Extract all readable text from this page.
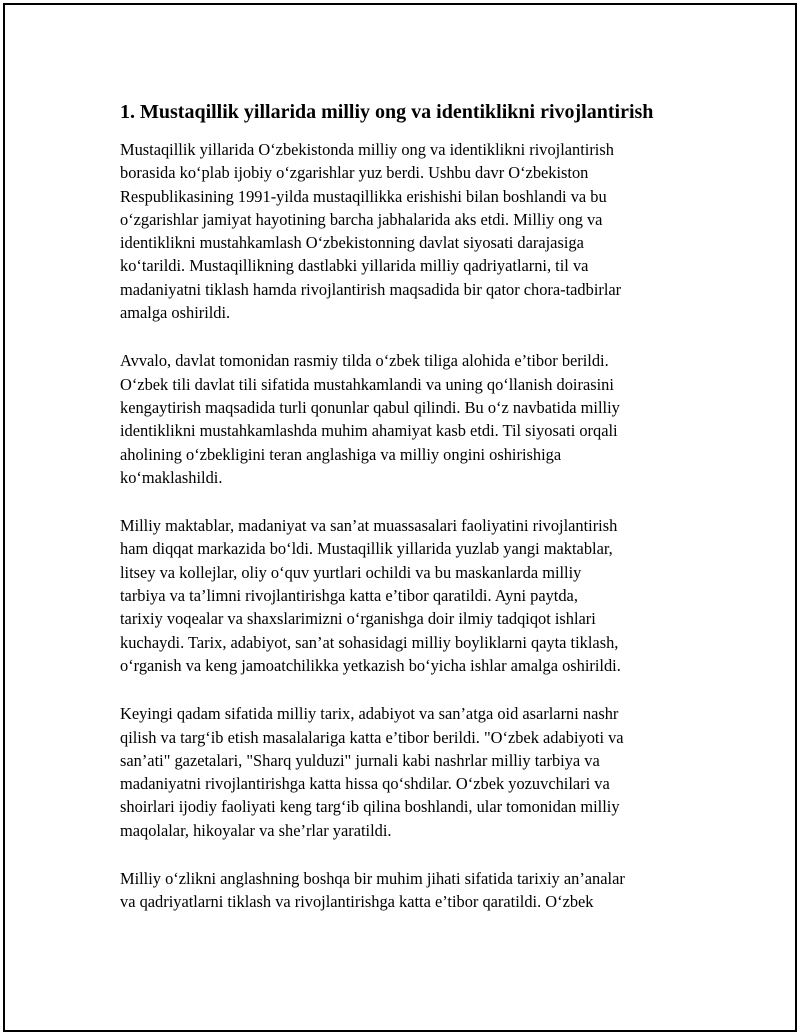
1. Mustaqillik yillarida milliy ong va identiklikni rivojlantirish
Mustaqillik yillarida O‘zbekistonda milliy ong va identiklikni rivojlantirish
borasida ko‘plab ijobiy o‘zgarishlar yuz berdi. Ushbu davr O‘zbekiston
Respublikasining 1991-yilda mustaqillikka erishishi bilan boshlandi va bu
o‘zgarishlar jamiyat hayotining barcha jabhalarida aks etdi. Milliy ong va
identiklikni mustahkamlash O‘zbekistonning davlat siyosati darajasiga
ko‘tarildi. Mustaqillikning dastlabki yillarida milliy qadriyatlarni, til va
madaniyatni tiklash hamda rivojlantirish maqsadida bir qator chora-tadbirlar
amalga oshirildi.
Avvalo, davlat tomonidan rasmiy tilda o‘zbek tiliga alohida e’tibor berildi.
O‘zbek tili davlat tili sifatida mustahkamlandi va uning qo‘llanish doirasini
kengaytirish maqsadida turli qonunlar qabul qilindi. Bu o‘z navbatida milliy
identiklikni mustahkamlashda muhim ahamiyat kasb etdi. Til siyosati orqali
aholining o‘zbekligini teran anglashiga va milliy ongini oshirishiga
ko‘maklashildi.
Milliy maktablar, madaniyat va san’at muassasalari faoliyatini rivojlantirish
ham diqqat markazida bo‘ldi. Mustaqillik yillarida yuzlab yangi maktablar,
litsey va kollejlar, oliy o‘quv yurtlari ochildi va bu maskanlarda milliy
tarbiya va ta’limni rivojlantirishga katta e’tibor qaratildi. Ayni paytda,
tarixiy voqealar va shaxslarimizni o‘rganishga doir ilmiy tadqiqot ishlari
kuchaydi. Tarix, adabiyot, san’at sohasidagi milliy boyliklarni qayta tiklash,
o‘rganish va keng jamoatchilikka yetkazish bo‘yicha ishlar amalga oshirildi.
Keyingi qadam sifatida milliy tarix, adabiyot va san’atga oid asarlarni nashr
qilish va targ‘ib etish masalalariga katta e’tibor berildi. "O‘zbek adabiyoti va
san’ati" gazetalari, "Sharq yulduzi" jurnali kabi nashrlar milliy tarbiya va
madaniyatni rivojlantirishga katta hissa qo‘shdilar. O‘zbek yozuvchilari va
shoirlari ijodiy faoliyati keng targ‘ib qilina boshlandi, ular tomonidan milliy
maqolalar, hikoyalar va she’rlar yaratildi.
Milliy o‘zlikni anglashning boshqa bir muhim jihati sifatida tarixiy an’analar
va qadriyatlarni tiklash va rivojlantirishga katta e’tibor qaratildi. O‘zbek
